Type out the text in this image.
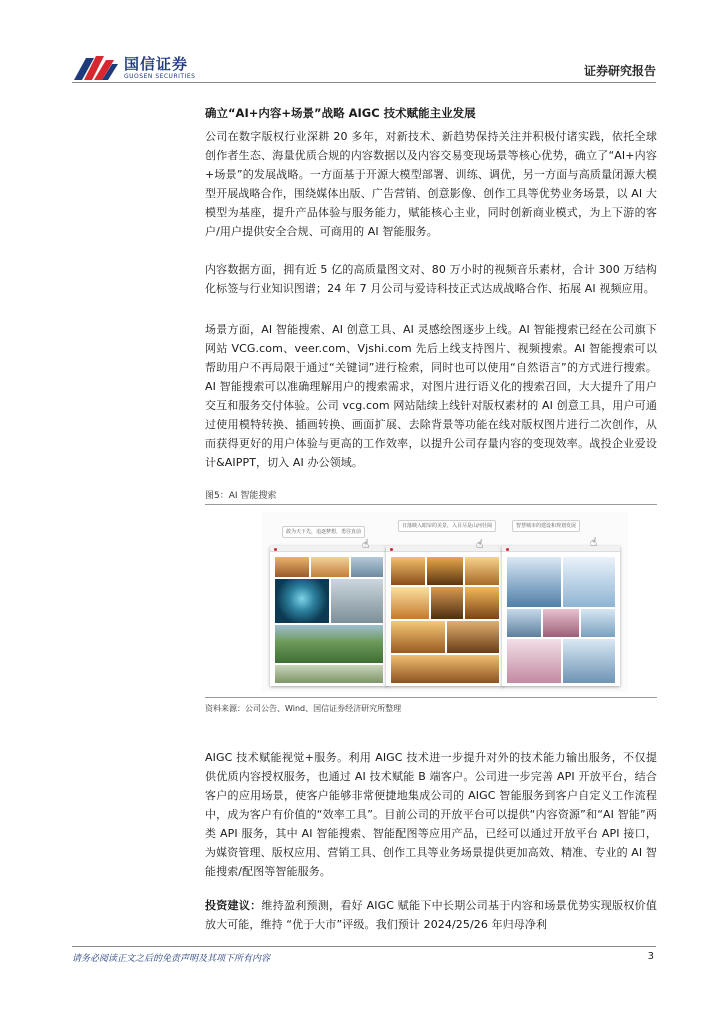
国信证券
GUOSEN SECURITIES	证券研究报告
确立“AI+内容+场景”战略 AIGC 技术赋能主业发展

公司在数字版权行业深耕 20 多年，对新技术、新趋势保持关注并积极付诸实践，依托全球创作者生态、海量优质合规的内容数据以及内容交易变现场景等核心优势，确立了“AI+内容+场景”的发展战略。一方面基于开源大模型部署、训练、调优，另一方面与高质量闭源大模型开展战略合作，围绕媒体出版、广告营销、创意影像、创作工具等优势业务场景，以 AI 大模型为基座，提升产品体验与服务能力，赋能核心主业，同时创新商业模式，为上下游的客户/用户提供安全合规、可商用的 AI 智能服务。

内容数据方面，拥有近 5 亿的高质量图文对、80 万小时的视频音乐素材，合计 300 万结构化标签与行业知识图谱；24 年 7 月公司与爱诗科技正式达成战略合作、拓展 AI 视频应用。

场景方面，AI 智能搜索、AI 创意工具、AI 灵感绘图逐步上线。AI 智能搜索已经在公司旗下网站 VCG.com、veer.com、Vjshi.com 先后上线支持图片、视频搜索。AI 智能搜索可以帮助用户不再局限于通过“关键词”进行检索，同时也可以使用“自然语言”的方式进行搜索。AI 智能搜索可以准确理解用户的搜索需求，对图片进行语义化的搜索召回，大大提升了用户交互和服务交付体验。公司 vcg.com 网站陆续上线针对版权素材的 AI 创意工具，用户可通过使用模特转换、插画转换、画面扩展、去除背景等功能在线对版权图片进行二次创作，从而获得更好的用户体验与更高的工作效率，以提升公司存量内容的变现效率。战投企业爱设计&AIPPT，切入 AI 办公领域。

图5：AI 智能搜索
敢为天下先，追逐梦想，勇往直前
☝
日落映入眼帘的美景，入目尽是山河壮阔
☝
智慧城市的建设和规划发展
☝
资料来源：公司公告、Wind、国信证券经济研究所整理

AIGC 技术赋能视觉+服务。利用 AIGC 技术进一步提升对外的技术能力输出服务，不仅提供优质内容授权服务，也通过 AI 技术赋能 B 端客户。公司进一步完善 API 开放平台，结合客户的应用场景，使客户能够非常便捷地集成公司的 AIGC 智能服务到客户自定义工作流程中，成为客户有价值的“效率工具”。目前公司的开放平台可以提供“内容资源”和“AI 智能”两类 API 服务，其中 AI 智能搜索、智能配图等应用产品，已经可以通过开放平台 API 接口，为媒资管理、版权应用、营销工具、创作工具等业务场景提供更加高效、精准、专业的 AI 智能搜索/配图等智能服务。

投资建议：维持盈利预测，看好 AIGC 赋能下中长期公司基于内容和场景优势实现版权价值放大可能，维持 “优于大市”评级。我们预计 2024/25/26 年归母净利

请务必阅读正文之后的免责声明及其项下所有内容	3
